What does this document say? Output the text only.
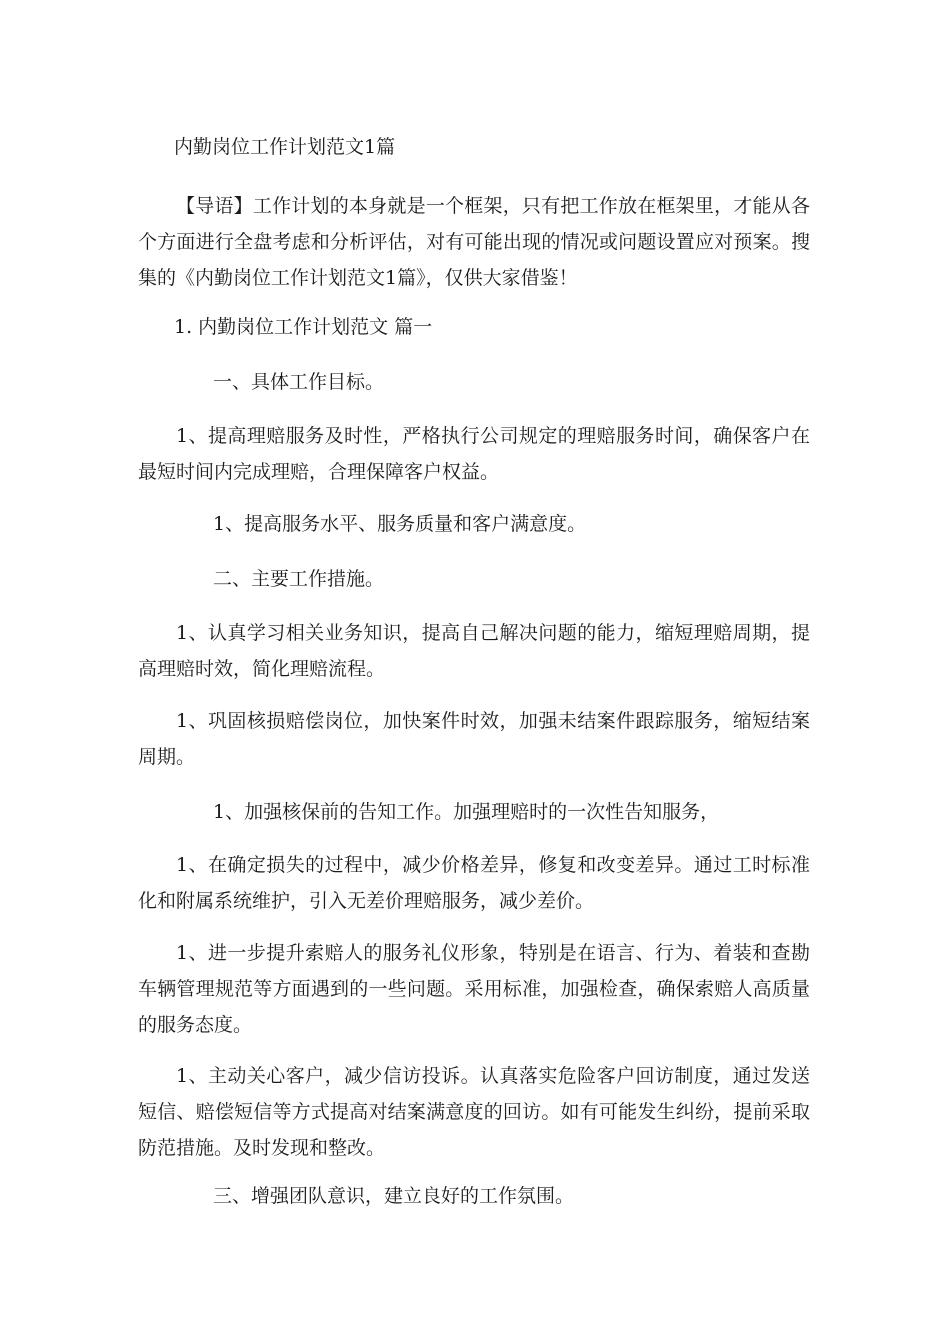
内勤岗位工作计划范文1篇

【导语】工作计划的本身就是一个框架，只有把工作放在框架里，才能从各个方面进行全盘考虑和分析评估，对有可能出现的情况或问题设置应对预案。搜集的《内勤岗位工作计划范文1篇》，仅供大家借鉴！

1. 内勤岗位工作计划范文 篇一
一、具体工作目标。

1、提高理赔服务及时性，严格执行公司规定的理赔服务时间，确保客户在最短时间内完成理赔，合理保障客户权益。

1、提高服务水平、服务质量和客户满意度。
二、主要工作措施。

1、认真学习相关业务知识，提高自己解决问题的能力，缩短理赔周期，提高理赔时效，简化理赔流程。

1、巩固核损赔偿岗位，加快案件时效，加强未结案件跟踪服务，缩短结案周期。

1、加强核保前的告知工作。加强理赔时的一次性告知服务，

1、在确定损失的过程中，减少价格差异，修复和改变差异。通过工时标准化和附属系统维护，引入无差价理赔服务，减少差价。

1、进一步提升索赔人的服务礼仪形象，特别是在语言、行为、着装和查勘车辆管理规范等方面遇到的一些问题。采用标准，加强检查，确保索赔人高质量的服务态度。

1、主动关心客户，减少信访投诉。认真落实危险客户回访制度，通过发送短信、赔偿短信等方式提高对结案满意度的回访。如有可能发生纠纷，提前采取防范措施。及时发现和整改。

三、增强团队意识，建立良好的工作氛围。
